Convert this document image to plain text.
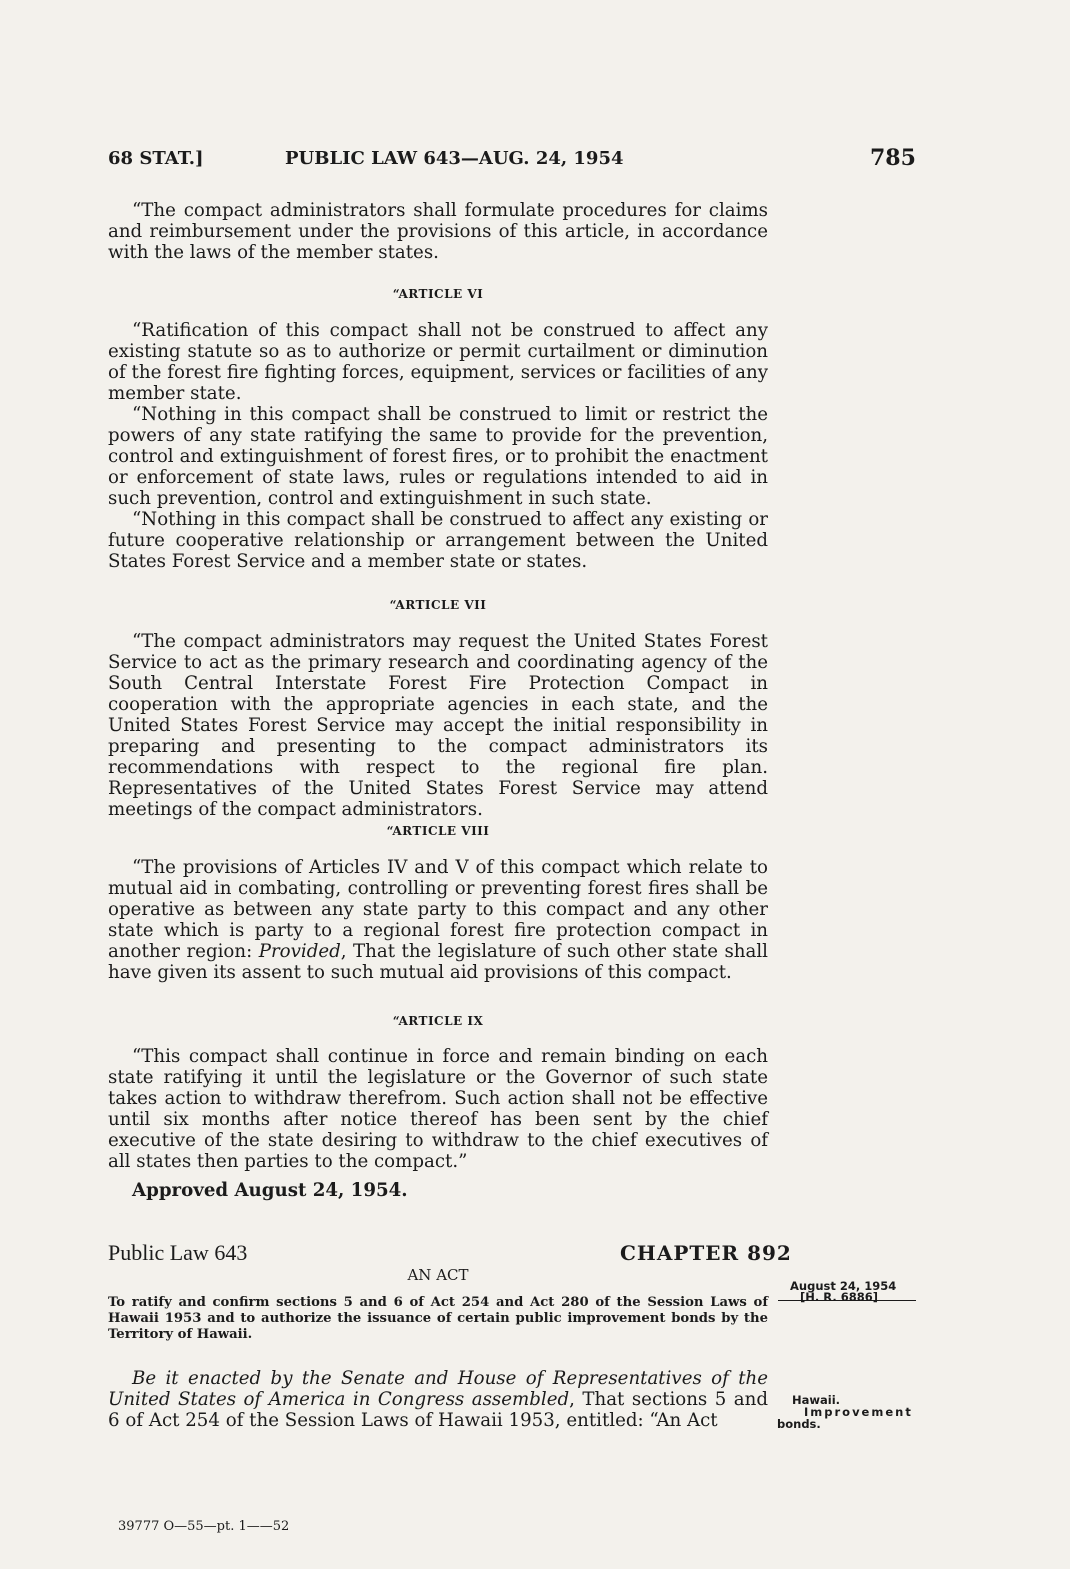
68 STAT.]	PUBLIC LAW 643—AUG. 24, 1954	785

“The compact administrators shall formulate procedures for claims and reimbursement under the provisions of this article, in accordance with the laws of the member states.

“ARTICLE VI

“Ratification of this compact shall not be construed to affect any existing statute so as to authorize or permit curtailment or diminution of the forest fire fighting forces, equipment, services or facilities of any member state.

“Nothing in this compact shall be construed to limit or restrict the powers of any state ratifying the same to provide for the prevention, control and extinguishment of forest fires, or to prohibit the enactment or enforcement of state laws, rules or regulations intended to aid in such prevention, control and extinguishment in such state.

“Nothing in this compact shall be construed to affect any existing or future cooperative relationship or arrangement between the United States Forest Service and a member state or states.

“ARTICLE VII

“The compact administrators may request the United States Forest Service to act as the primary research and coordinating agency of the South Central Interstate Forest Fire Protection Compact in cooperation with the appropriate agencies in each state, and the United States Forest Service may accept the initial responsibility in preparing and presenting to the compact administrators its recommendations with respect to the regional fire plan. Representatives of the United States Forest Service may attend meetings of the compact administrators.

“ARTICLE VIII

“The provisions of Articles IV and V of this compact which relate to mutual aid in combating, controlling or preventing forest fires shall be operative as between any state party to this compact and any other state which is party to a regional forest fire protection compact in another region: Provided, That the legislature of such other state shall have given its assent to such mutual aid provisions of this compact.

“ARTICLE IX

“This compact shall continue in force and remain binding on each state ratifying it until the legislature or the Governor of such state takes action to withdraw therefrom. Such action shall not be effective until six months after notice thereof has been sent by the chief executive of the state desiring to withdraw to the chief executives of all states then parties to the compact.”

Approved August 24, 1954.
Public Law 643	CHAPTER 892
AN ACT
To ratify and confirm sections 5 and 6 of Act 254 and Act 280 of the Session Laws of Hawaii 1953 and to authorize the issuance of certain public improvement bonds by the Territory of Hawaii.

Be it enacted by the Senate and House of Representatives of the United States of America in Congress assembled, That sections 5 and 6 of Act 254 of the Session Laws of Hawaii 1953, entitled: “An Act

August 24, 1954
[H. R. 6886]
Hawaii.
Improvement
bonds.
39777 O—55—pt. 1——52
